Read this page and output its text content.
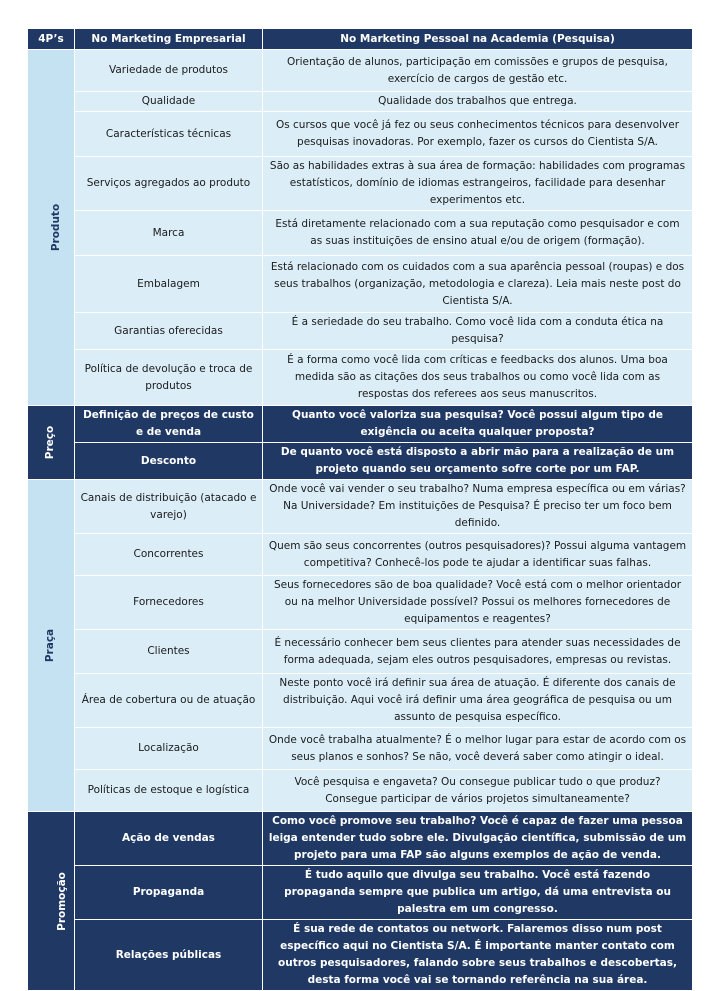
4P’s	No Marketing Empresarial	No Marketing Pessoal na Academia (Pesquisa)
Produto	Variedade de produtos	Orientação de alunos, participação em comissões e grupos de pesquisa, exercício de cargos de gestão etc.
	Qualidade	Qualidade dos trabalhos que entrega.
	Características técnicas	Os cursos que você já fez ou seus conhecimentos técnicos para desenvolver pesquisas inovadoras. Por exemplo, fazer os cursos do Cientista S/A.
	Serviços agregados ao produto	São as habilidades extras à sua área de formação: habilidades com programas estatísticos, domínio de idiomas estrangeiros, facilidade para desenhar experimentos etc.
	Marca	Está diretamente relacionado com a sua reputação como pesquisador e com as suas instituições de ensino atual e/ou de origem (formação).
	Embalagem	Está relacionado com os cuidados com a sua aparência pessoal (roupas) e dos seus trabalhos (organização, metodologia e clareza). Leia mais neste post do Cientista S/A.
	Garantias oferecidas	É a seriedade do seu trabalho. Como você lida com a conduta ética na pesquisa?
	Política de devolução e troca de produtos	É a forma como você lida com críticas e feedbacks dos alunos. Uma boa medida são as citações dos seus trabalhos ou como você lida com as respostas dos referees aos seus manuscritos.
Preço	Definição de preços de custo e de venda	Quanto você valoriza sua pesquisa? Você possui algum tipo de exigência ou aceita qualquer proposta?
	Desconto	De quanto você está disposto a abrir mão para a realização de um projeto quando seu orçamento sofre corte por um FAP.
Praça	Canais de distribuição (atacado e varejo)	Onde você vai vender o seu trabalho? Numa empresa específica ou em várias? Na Universidade? Em instituições de Pesquisa? É preciso ter um foco bem definido.
	Concorrentes	Quem são seus concorrentes (outros pesquisadores)? Possui alguma vantagem competitiva? Conhecê-los pode te ajudar a identificar suas falhas.
	Fornecedores	Seus fornecedores são de boa qualidade? Você está com o melhor orientador ou na melhor Universidade possível? Possui os melhores fornecedores de equipamentos e reagentes?
	Clientes	É necessário conhecer bem seus clientes para atender suas necessidades de forma adequada, sejam eles outros pesquisadores, empresas ou revistas.
	Área de cobertura ou de atuação	Neste ponto você irá definir sua área de atuação. É diferente dos canais de distribuição. Aqui você irá definir uma área geográfica de pesquisa ou um assunto de pesquisa específico.
	Localização	Onde você trabalha atualmente? É o melhor lugar para estar de acordo com os seus planos e sonhos? Se não, você deverá saber como atingir o ideal.
	Políticas de estoque e logística	Você pesquisa e engaveta? Ou consegue publicar tudo o que produz? Consegue participar de vários projetos simultaneamente?
Promoção	Ação de vendas	Como você promove seu trabalho? Você é capaz de fazer uma pessoa leiga entender tudo sobre ele. Divulgação científica, submissão de um projeto para uma FAP são alguns exemplos de ação de venda.
	Propaganda	É tudo aquilo que divulga seu trabalho. Você está fazendo propaganda sempre que publica um artigo, dá uma entrevista ou palestra em um congresso.
	Relações públicas	É sua rede de contatos ou network. Falaremos disso num post específico aqui no Cientista S/A. É importante manter contato com outros pesquisadores, falando sobre seus trabalhos e descobertas, desta forma você vai se tornando referência na sua área.
